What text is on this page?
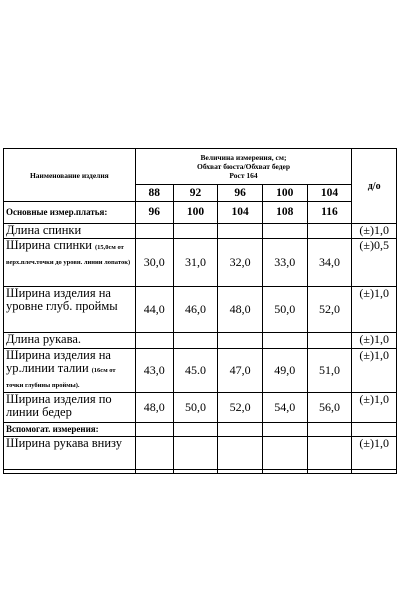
Наименование изделия	Величина измерения, см;
Обхват бюста/Обхват бедер
Рост 164					д/о
	88	92	96	100	104	
Основные измер.платья:	96	100	104	108	116	
Длина спинки						(±)1,0
Ширина спинки (15,0см от верх.плеч.точки до уровн. линии лопаток)	30,0	31,0	32,0	33,0	34,0	(±)0,5
Ширина изделия на уровне глуб. проймы	44,0	46,0	48,0	50,0	52,0	(±)1,0
Длина рукава.						(±)1,0
Ширина изделия на ур.линии талии (16см от точки глубины проймы).	43,0	45.0	47,0	49,0	51,0	(±)1,0
Ширина изделия по линии бедер	48,0	50,0	52,0	54,0	56,0	(±)1,0
Вспомогат. измерения:						
Ширина рукава внизу						(±)1,0
